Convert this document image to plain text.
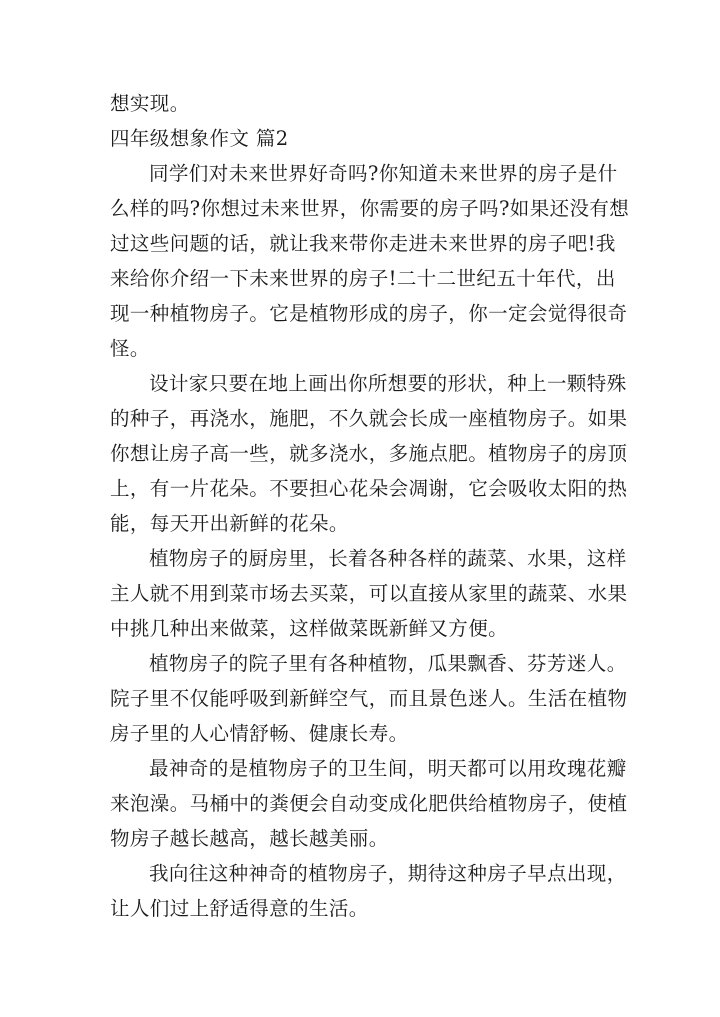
想实现。
四年级想象作文 篇2
同学们对未来世界好奇吗?你知道未来世界的房子是什
么样的吗?你想过未来世界，你需要的房子吗?如果还没有想
过这些问题的话，就让我来带你走进未来世界的房子吧!我
来给你介绍一下未来世界的房子!二十二世纪五十年代，出
现一种植物房子。它是植物形成的房子，你一定会觉得很奇
怪。
设计家只要在地上画出你所想要的形状，种上一颗特殊
的种子，再浇水，施肥，不久就会长成一座植物房子。如果
你想让房子高一些，就多浇水，多施点肥。植物房子的房顶
上，有一片花朵。不要担心花朵会凋谢，它会吸收太阳的热
能，每天开出新鲜的花朵。
植物房子的厨房里，长着各种各样的蔬菜、水果，这样
主人就不用到菜市场去买菜，可以直接从家里的蔬菜、水果
中挑几种出来做菜，这样做菜既新鲜又方便。
植物房子的院子里有各种植物，瓜果飘香、芬芳迷人。
院子里不仅能呼吸到新鲜空气，而且景色迷人。生活在植物
房子里的人心情舒畅、健康长寿。
最神奇的是植物房子的卫生间，明天都可以用玫瑰花瓣
来泡澡。马桶中的粪便会自动变成化肥供给植物房子，使植
物房子越长越高，越长越美丽。
我向往这种神奇的植物房子，期待这种房子早点出现，
让人们过上舒适得意的生活。
